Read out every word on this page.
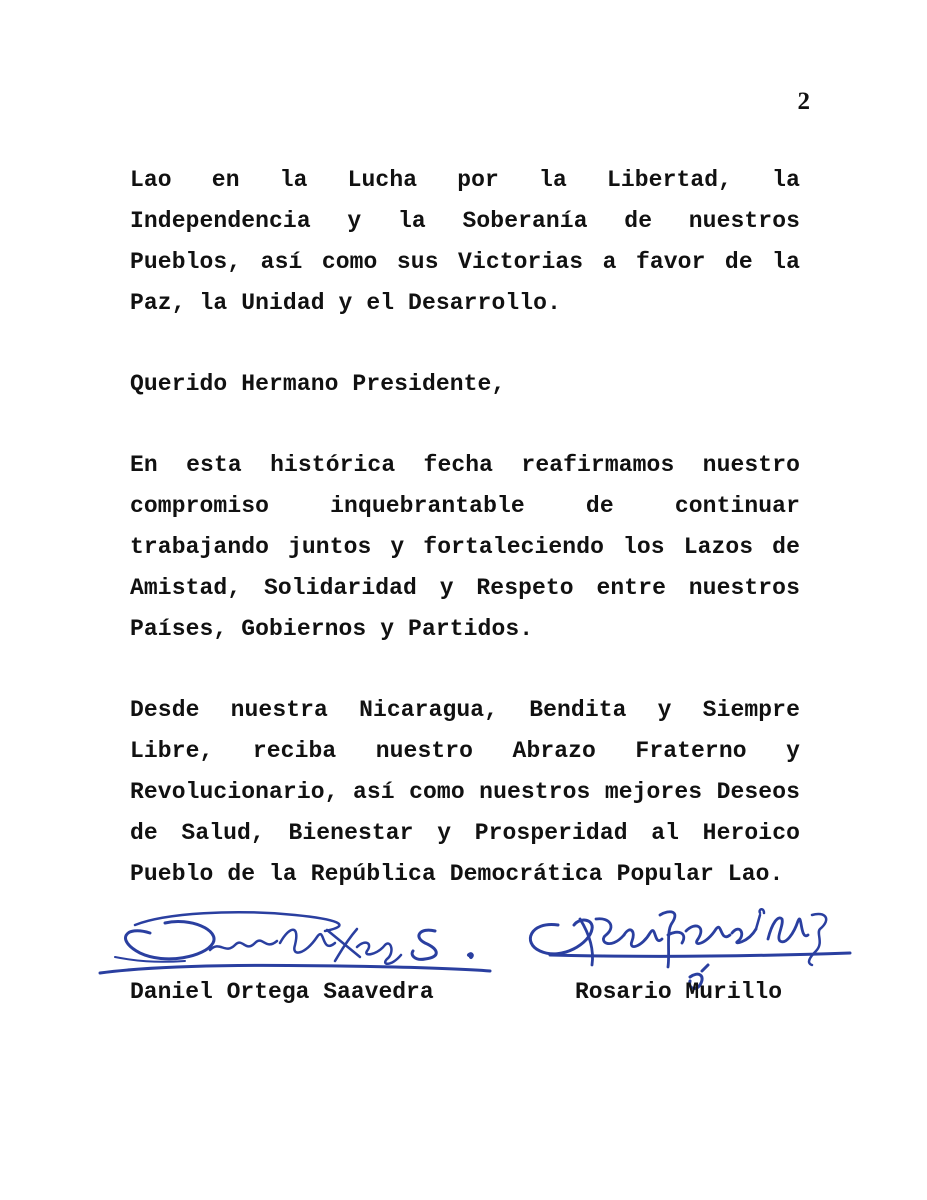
2

Lao en la Lucha por la Libertad, la Independencia y la Soberanía de nuestros Pueblos, así como sus Victorias a favor de la Paz, la Unidad y el Desarrollo.

Querido Hermano Presidente,

En esta histórica fecha reafirmamos nuestro compromiso inquebrantable de continuar trabajando juntos y fortaleciendo los Lazos de Amistad, Solidaridad y Respeto entre nuestros Países, Gobiernos y Partidos.

Desde nuestra Nicaragua, Bendita y Siempre Libre, reciba nuestro Abrazo Fraterno y Revolucionario, así como nuestros mejores Deseos de Salud, Bienestar y Prosperidad al Heroico Pueblo de la República Democrática Popular Lao.

Daniel Ortega Saavedra	Rosario Murillo
